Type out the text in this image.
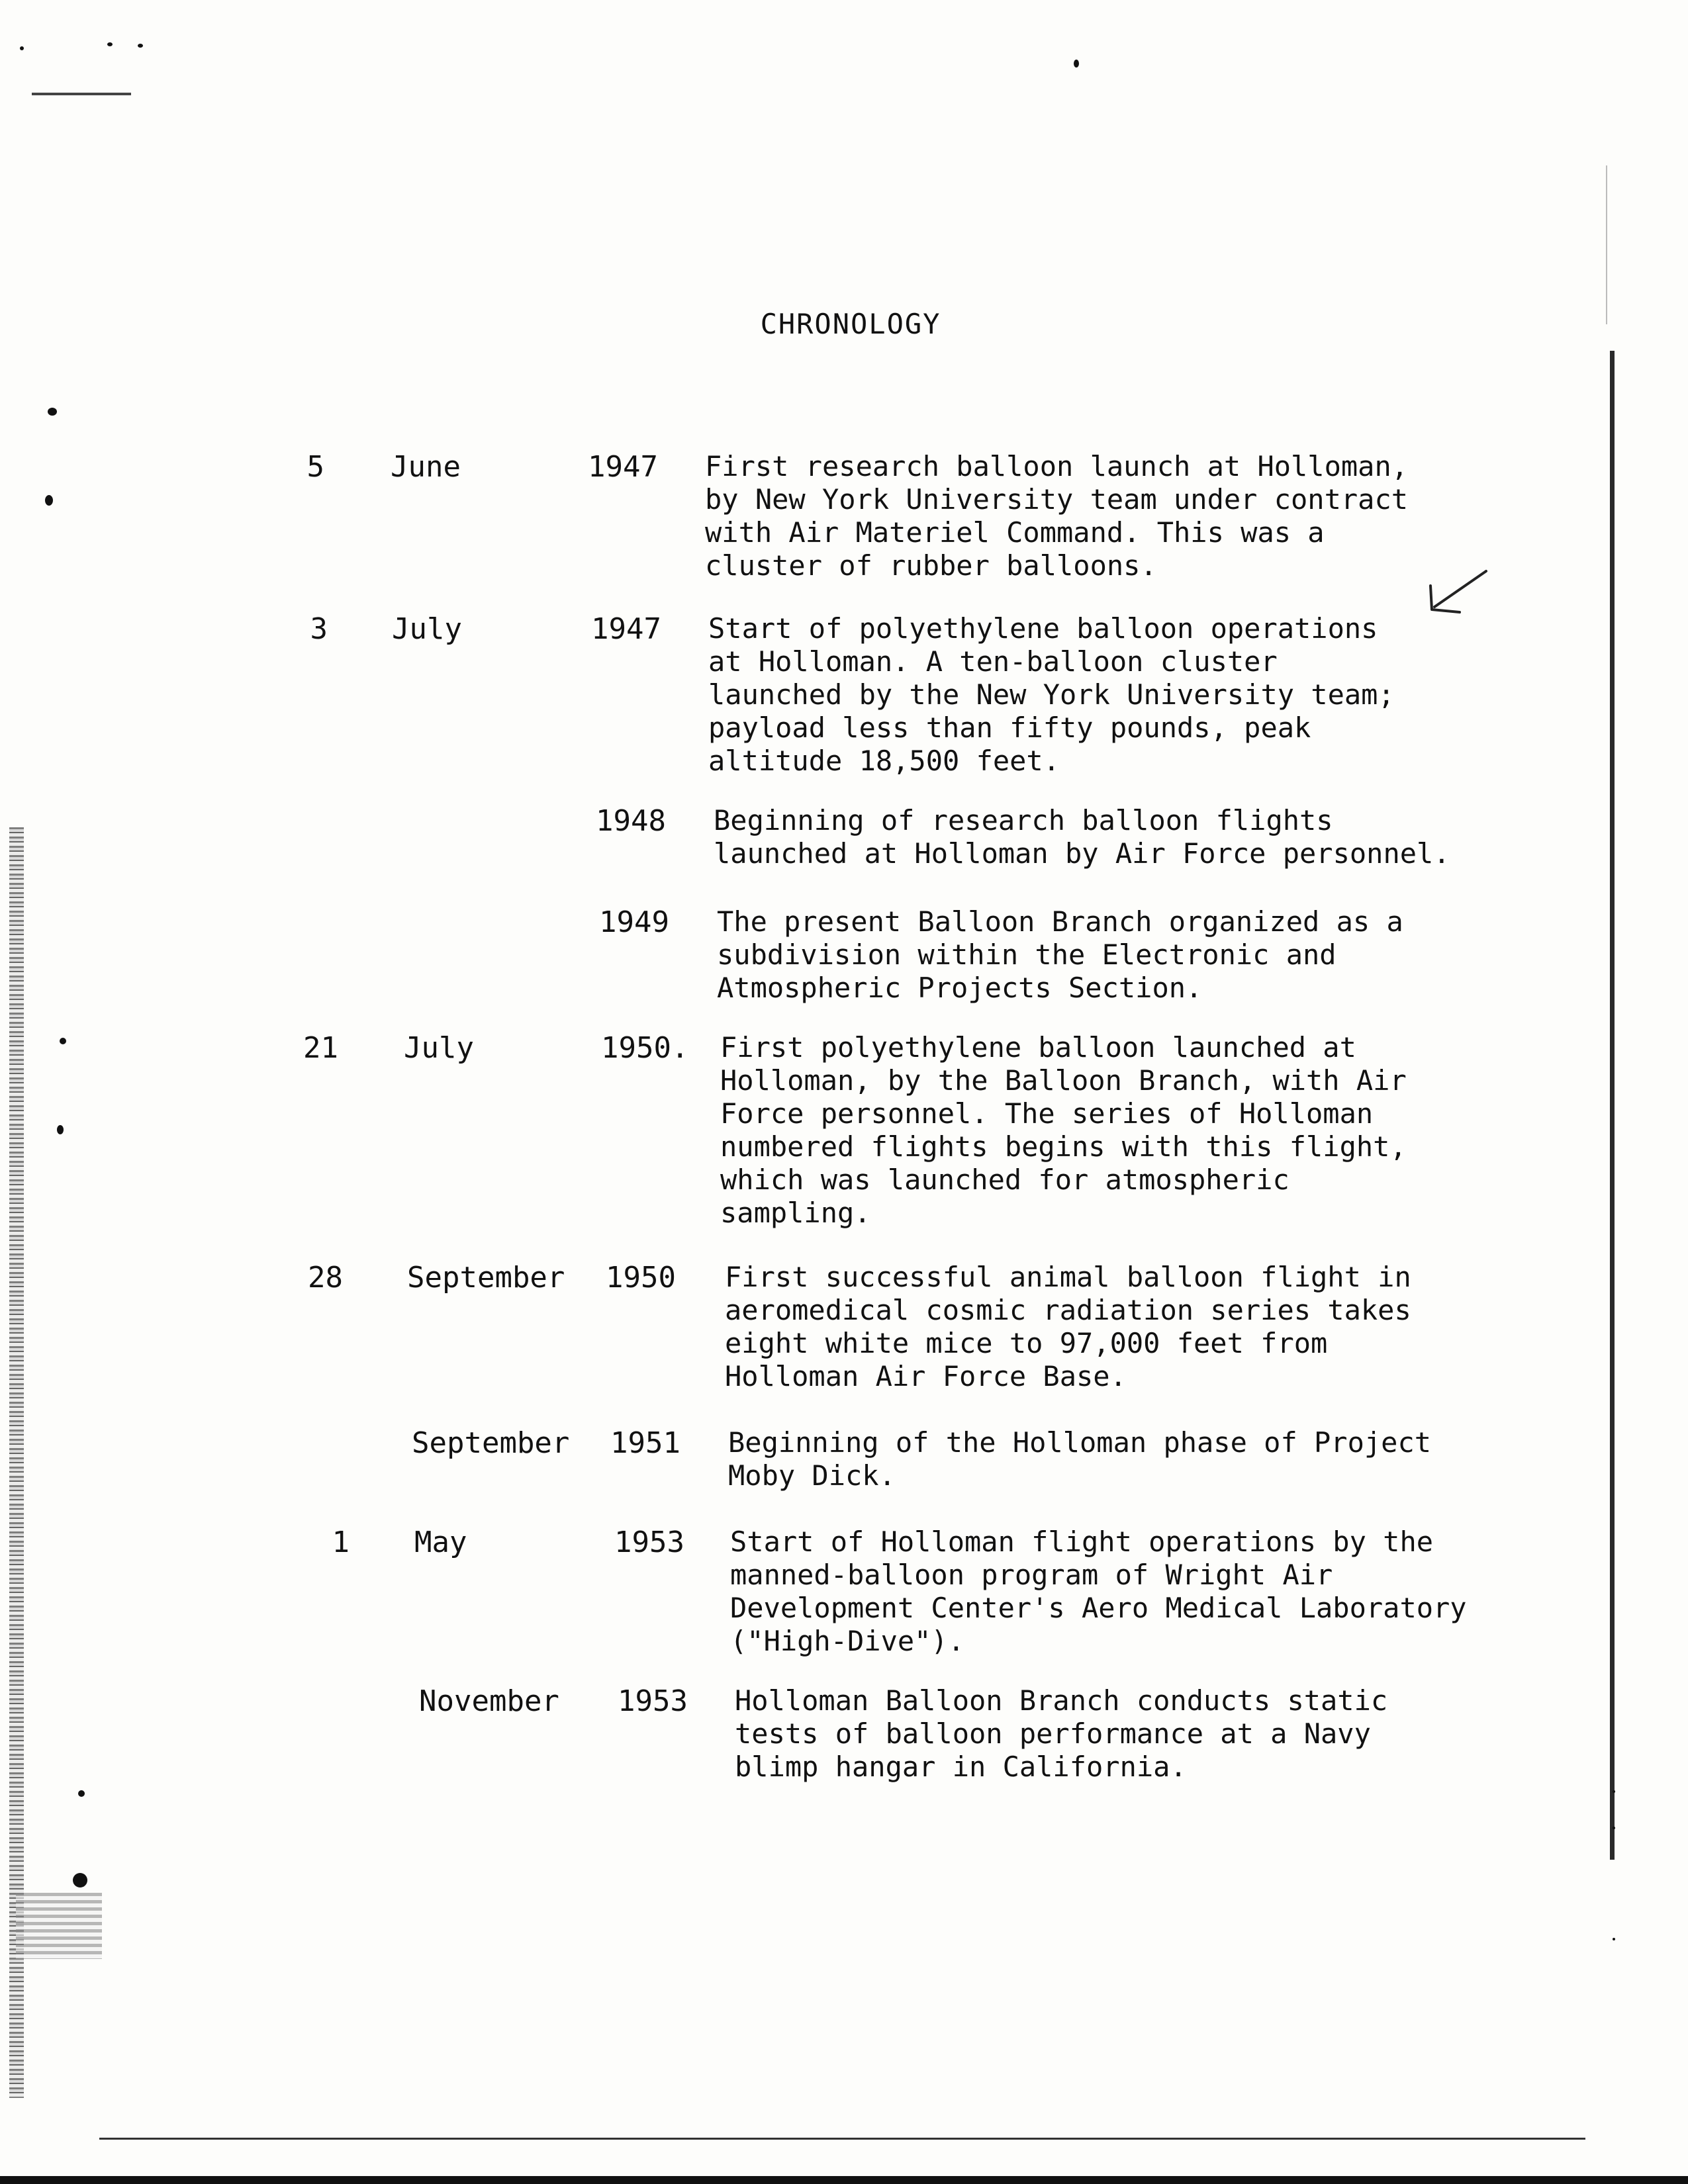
CHRONOLOGY
5 June	1947 First research balloon launch at Holloman,
by New York University team under contract
with Air Materiel Command. This was a
cluster of rubber balloons.
3 July	1947 Start of polyethylene balloon operations
at Holloman. A ten-balloon cluster
launched by the New York University team;
payload less than fifty pounds, peak
altitude 18,500 feet.
1948 Beginning of research balloon flights
launched at Holloman by Air Force personnel.
1949 The present Balloon Branch organized as a
subdivision within the Electronic and
Atmospheric Projects Section.
21 July	1950. First polyethylene balloon launched at
Holloman, by the Balloon Branch, with Air
Force personnel. The series of Holloman
numbered flights begins with this flight,
which was launched for atmospheric
sampling.
28 September 1950 First successful animal balloon flight in
aeromedical cosmic radiation series takes
eight white mice to 97,000 feet from
Holloman Air Force Base.
September 1951 Beginning of the Holloman phase of Project
Moby Dick.
1 May	1953 Start of Holloman flight operations by the
manned-balloon program of Wright Air
Development Center's Aero Medical Laboratory
("High-Dive").
November 1953 Holloman Balloon Branch conducts static
tests of balloon performance at a Navy
blimp hangar in California.
